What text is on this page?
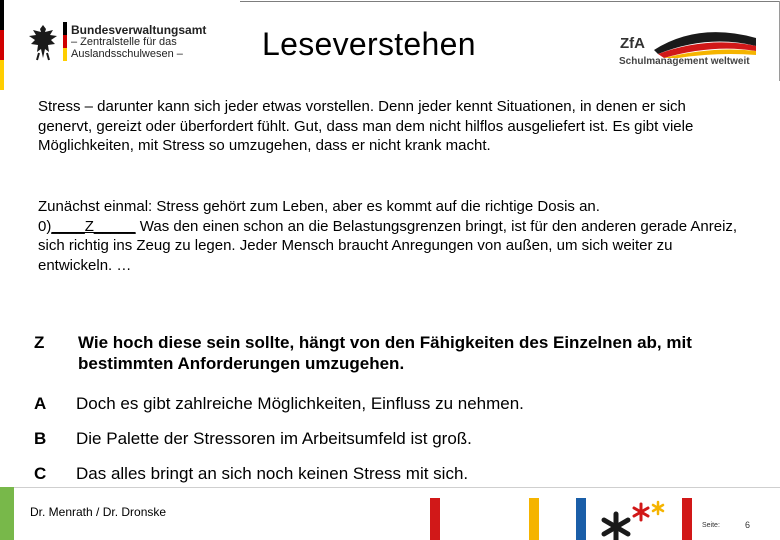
Bundesverwaltungsamt
– Zentralstelle für das
Auslandsschulwesen –	Leseverstehen	ZfA
Schulmanagement weltweit
Stress – darunter kann sich jeder etwas vorstellen. Denn jeder kennt Situationen, in denen er sich genervt, gereizt oder überfordert fühlt. Gut, dass man dem nicht hilflos ausgeliefert ist. Es gibt viele Möglichkeiten, mit Stress so umzugehen, dass er nicht krank macht.
Zunächst einmal: Stress gehört zum Leben, aber es kommt auf die richtige Dosis an.
0)____Z_____ Was den einen schon an die Belastungsgrenzen bringt, ist für den anderen gerade Anreiz, sich richtig ins Zeug zu legen. Jeder Mensch braucht Anregungen von außen, um sich weiter zu entwickeln. …
Z Wie hoch diese sein sollte, hängt von den Fähigkeiten des Einzelnen ab, mit bestimmten Anforderungen umzugehen.
A Doch es gibt zahlreiche Möglichkeiten, Einfluss zu nehmen.
B Die Palette der Stressoren im Arbeitsumfeld ist groß.
C Das alles bringt an sich noch keinen Stress mit sich.
Dr. Menrath / Dr. Dronske
Seite:	6
